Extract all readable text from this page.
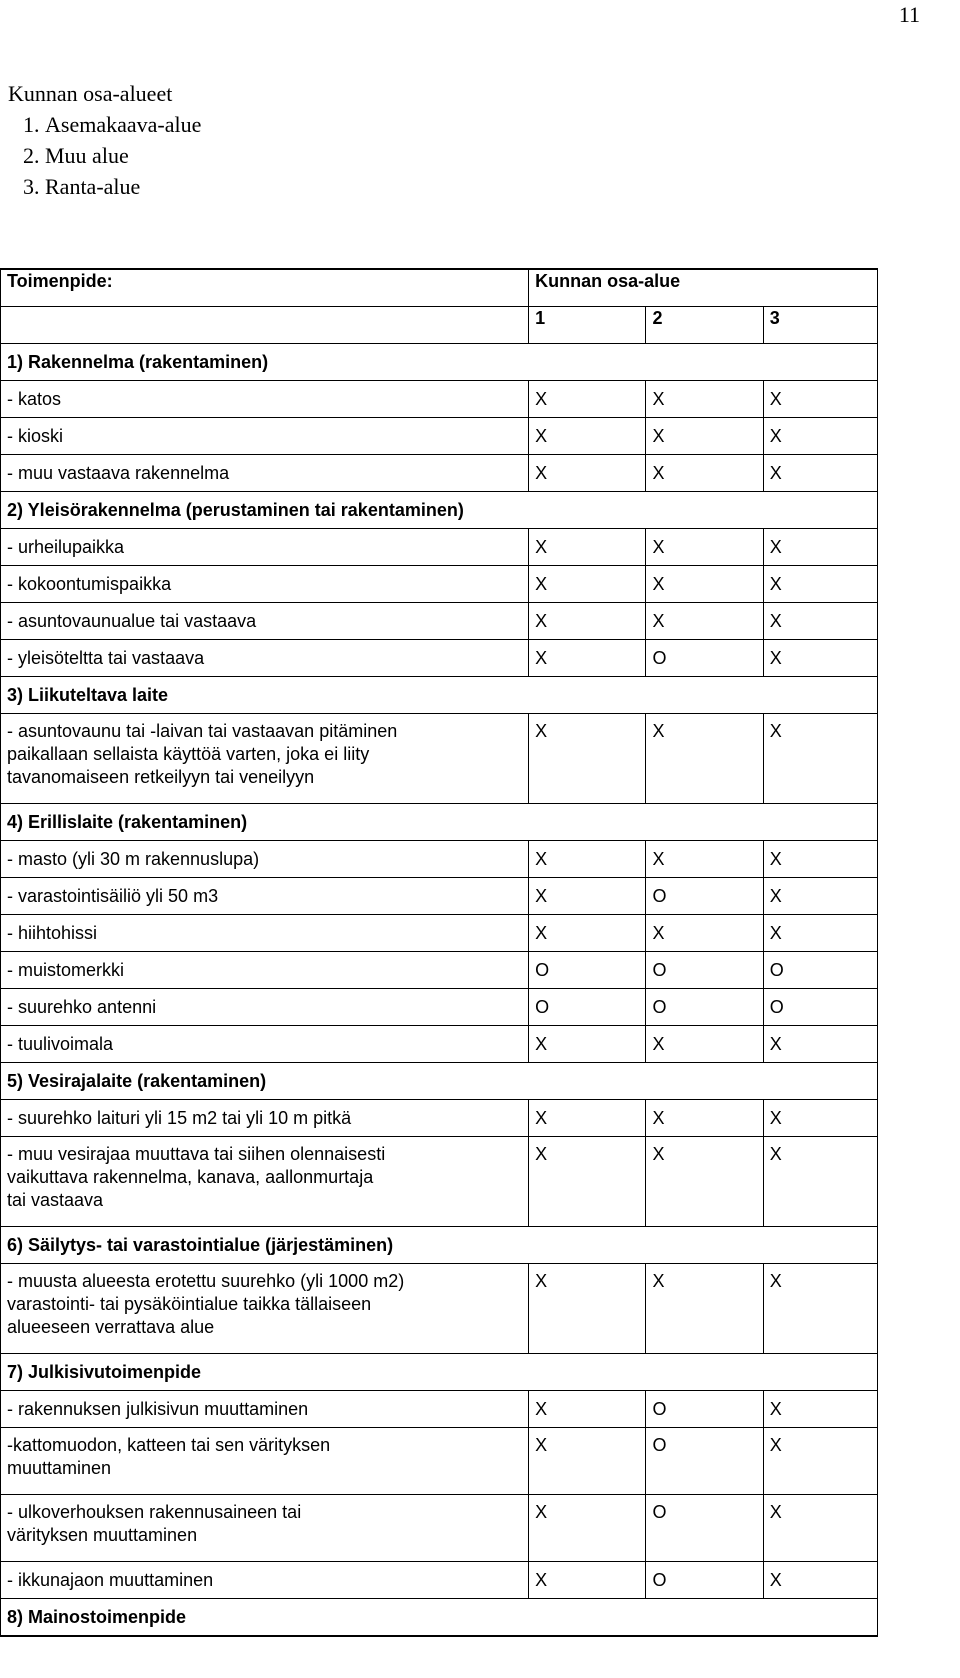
11
Kunnan osa-alueet
1. Asemakaava-alue
2. Muu alue
3. Ranta-alue
Toimenpide:	Kunnan osa-alue		
	1	2	3
1) Rakennelma (rakentaminen)			
- katos	X	X	X
- kioski	X	X	X
- muu vastaava rakennelma	X	X	X
2) Yleisörakennelma (perustaminen tai rakentaminen)			
- urheilupaikka	X	X	X
- kokoontumispaikka	X	X	X
- asuntovaunualue tai vastaava	X	X	X
- yleisöteltta tai vastaava	X	O	X
3) Liikuteltava laite			

- asuntovaunu tai -laivan tai vastaavan pitäminen
paikallaan sellaista käyttöä varten, joka ei liity
tavanomaiseen retkeilyyn tai veneilyyn	X	X	X
4) Erillislaite (rakentaminen)			
- masto (yli 30 m rakennuslupa)	X	X	X
- varastointisäiliö yli 50 m3	X	O	X
- hiihtohissi	X	X	X
- muistomerkki	O	O	O
- suurehko antenni	O	O	O
- tuulivoimala	X	X	X
5) Vesirajalaite (rakentaminen)			
- suurehko laituri yli 15 m2 tai yli 10 m pitkä	X	X	X

- muu vesirajaa muuttava tai siihen olennaisesti
vaikuttava rakennelma, kanava, aallonmurtaja
tai vastaava	X	X	X
6) Säilytys- tai varastointialue (järjestäminen)			

- muusta alueesta erotettu suurehko (yli 1000 m2)
varastointi- tai pysäköintialue taikka tällaiseen
alueeseen verrattava alue	X	X	X
7) Julkisivutoimenpide			
- rakennuksen julkisivun muuttaminen	X	O	X

-kattomuodon, katteen tai sen värityksen
muuttaminen	X	O	X

- ulkoverhouksen rakennusaineen tai
värityksen muuttaminen	X	O	X
- ikkunajaon muuttaminen	X	O	X
8) Mainostoimenpide			
